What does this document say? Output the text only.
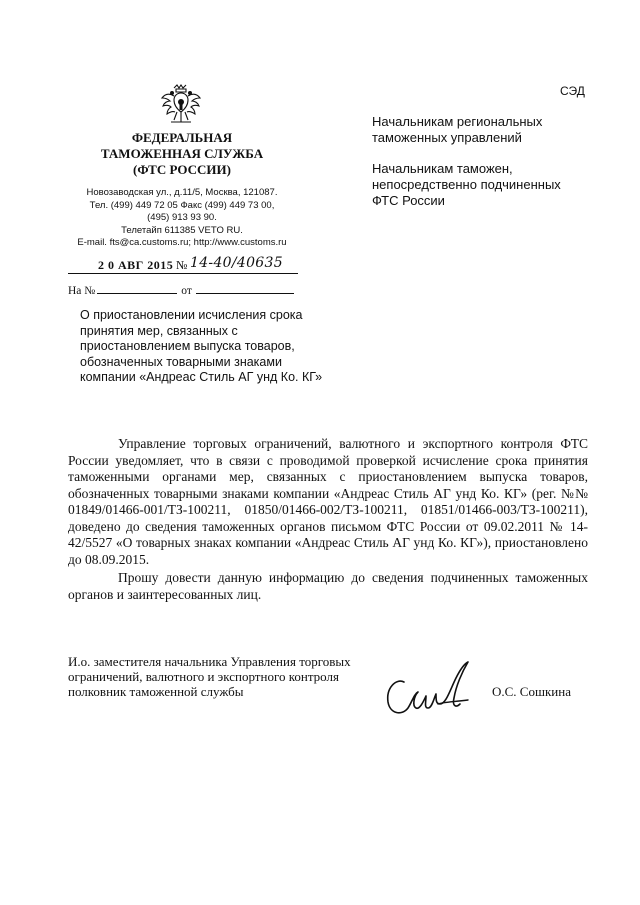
СЭД
ФЕДЕРАЛЬНАЯ
ТАМОЖЕННАЯ СЛУЖБА
(ФТС РОССИИ)
Новозаводская ул., д.11/5, Москва, 121087.
Тел. (499) 449 72 05 Факс (499) 449 73 00,
(495) 913 93 90.
Телетайп 611385 VETO RU.
E-mail. fts@ca.customs.ru; http://www.customs.ru
Начальникам региональных
таможенных управлений
Начальникам таможен,
непосредственно подчиненных
ФТС России
2 0 АВГ 2015 № 14-40/40635
На №	от
О приостановлении исчисления срока
принятия мер, связанных с
приостановлением выпуска товаров,
обозначенных товарными знаками
компании «Андреас Стиль АГ унд Ко. КГ»

Управление торговых ограничений, валютного и экспортного контроля ФТС России уведомляет, что в связи с проводимой проверкой исчисление срока принятия таможенными органами мер, связанных с приостановлением выпуска товаров, обозначенных товарными знаками компании «Андреас Стиль АГ унд Ко. КГ» (рег. №№ 01849/01466-001/ТЗ-100211, 01850/01466-002/ТЗ-100211, 01851/01466-003/ТЗ-100211), доведено до сведения таможенных органов письмом ФТС России от 09.02.2011 № 14-42/5527 «О товарных знаках компании «Андреас Стиль АГ унд Ко. КГ»), приостановлено до 08.09.2015.

Прошу довести данную информацию до сведения подчиненных таможенных органов и заинтересованных лиц.

И.о. заместителя начальника Управления торговых
ограничений, валютного и экспортного контроля
полковник таможенной службы	О.С. Сошкина
